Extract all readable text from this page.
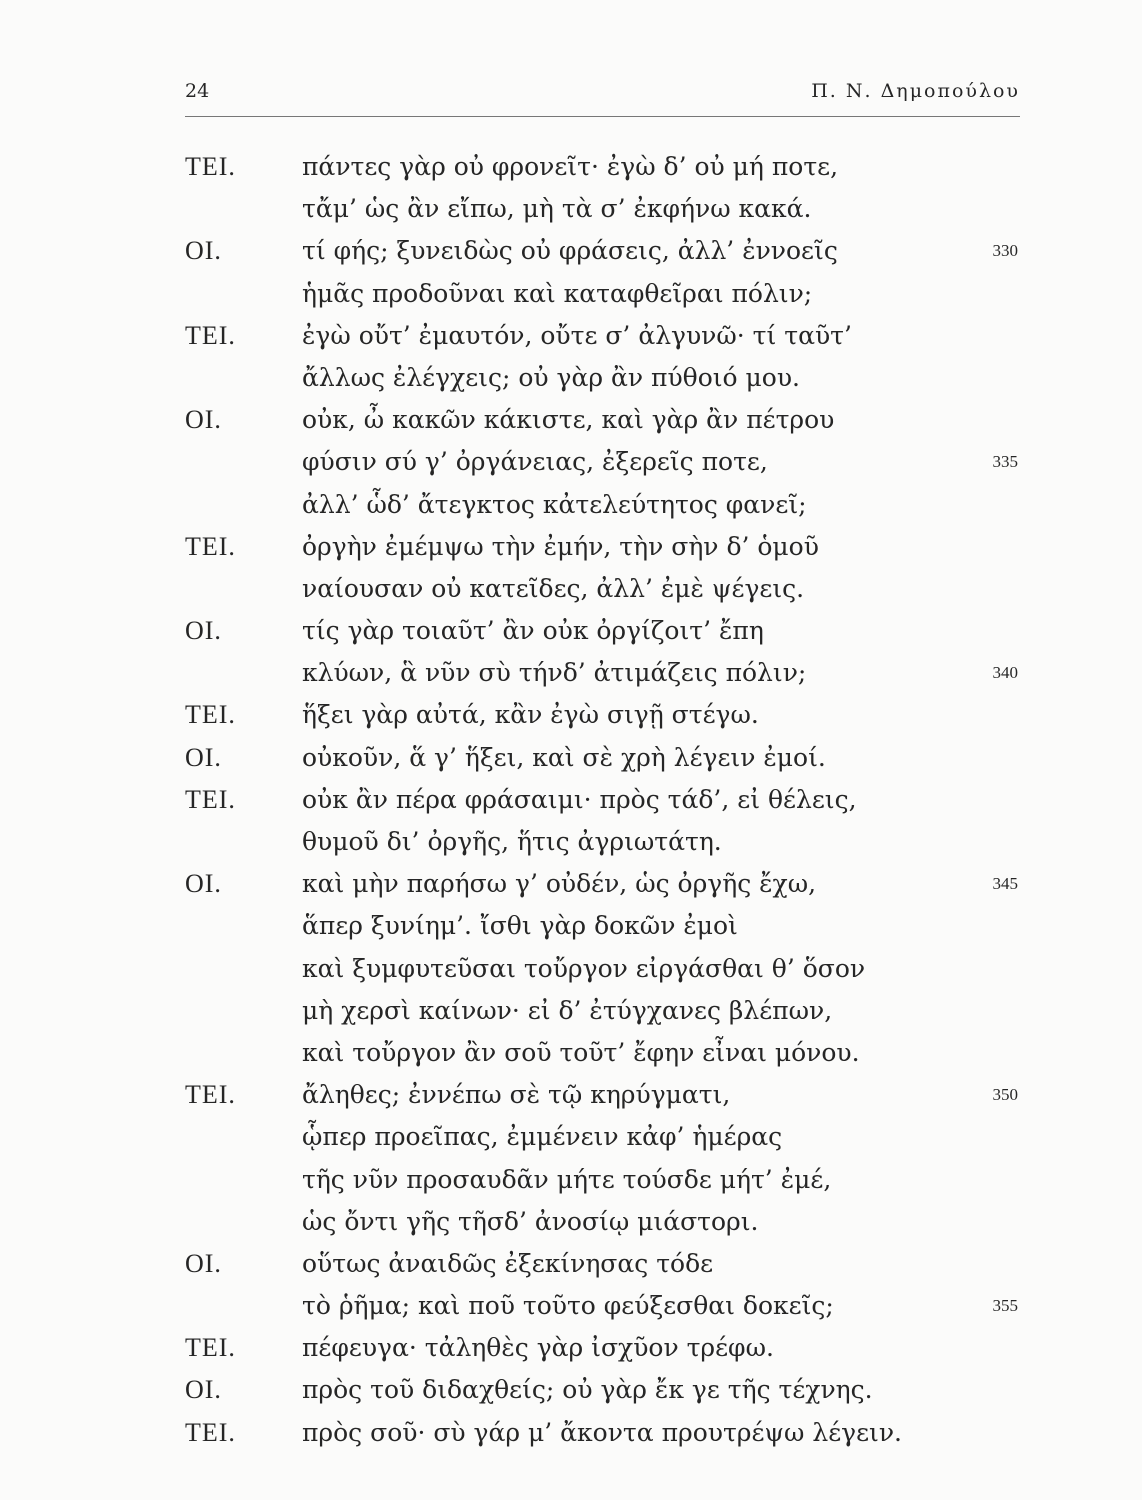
24	Π. Ν. Δημοπούλου
TEI.	πάντες γὰρ οὐ φρονεῖτ· ἐγὼ δ’ οὐ μή ποτε,
τἄμ’ ὡς ἂν εἴπω, μὴ τὰ σ’ ἐκφήνω κακά.
OI.	τί φής; ξυνειδὼς οὐ φράσεις, ἀλλ’ ἐννοεῖς	330
ἡμᾶς προδοῦναι καὶ καταφθεῖραι πόλιν;
TEI.	ἐγὼ οὔτ’ ἐμαυτόν, οὔτε σ’ ἀλγυνῶ· τί ταῦτ’
ἄλλως ἐλέγχεις; οὐ γὰρ ἂν πύθοιό μου.
OI.	οὐκ, ὦ κακῶν κάκιστε, καὶ γὰρ ἂν πέτρου
φύσιν σύ γ’ ὀργάνειας, ἐξερεῖς ποτε,	335
ἀλλ’ ὧδ’ ἄτεγκτος κἀτελεύτητος φανεῖ;
TEI.	ὀργὴν ἐμέμψω τὴν ἐμήν, τὴν σὴν δ’ ὁμοῦ
ναίουσαν οὐ κατεῖδες, ἀλλ’ ἐμὲ ψέγεις.
OI.	τίς γὰρ τοιαῦτ’ ἂν οὐκ ὀργίζοιτ’ ἔπη
κλύων, ἃ νῦν σὺ τήνδ’ ἀτιμάζεις πόλιν;	340
TEI.	ἥξει γὰρ αὐτά, κἂν ἐγὼ σιγῇ στέγω.
OI.	οὐκοῦν, ἅ γ’ ἥξει, καὶ σὲ χρὴ λέγειν ἐμοί.
TEI.	οὐκ ἂν πέρα φράσαιμι· πρὸς τάδ’, εἰ θέλεις,
θυμοῦ δι’ ὀργῆς, ἥτις ἀγριωτάτη.
OI.	καὶ μὴν παρήσω γ’ οὐδέν, ὡς ὀργῆς ἔχω,	345
ἅπερ ξυνίημ’. ἴσθι γὰρ δοκῶν ἐμοὶ
καὶ ξυμφυτεῦσαι τοὔργον εἰργάσθαι θ’ ὅσον
μὴ χερσὶ καίνων· εἰ δ’ ἐτύγχανες βλέπων,
καὶ τοὔργον ἂν σοῦ τοῦτ’ ἔφην εἶναι μόνου.
TEI.	ἄληθες; ἐννέπω σὲ τῷ κηρύγματι,	350
ᾧπερ προεῖπας, ἐμμένειν κἀφ’ ἡμέρας
τῆς νῦν προσαυδᾶν μήτε τούσδε μήτ’ ἐμέ,
ὡς ὄντι γῆς τῆσδ’ ἀνοσίῳ μιάστορι.
OI.	οὕτως ἀναιδῶς ἐξεκίνησας τόδε
τὸ ῥῆμα; καὶ ποῦ τοῦτο φεύξεσθαι δοκεῖς;	355
TEI.	πέφευγα· τἀληθὲς γὰρ ἰσχῦον τρέφω.
OI.	πρὸς τοῦ διδαχθείς; οὐ γὰρ ἔκ γε τῆς τέχνης.
TEI.	πρὸς σοῦ· σὺ γάρ μ’ ἄκοντα προυτρέψω λέγειν.
